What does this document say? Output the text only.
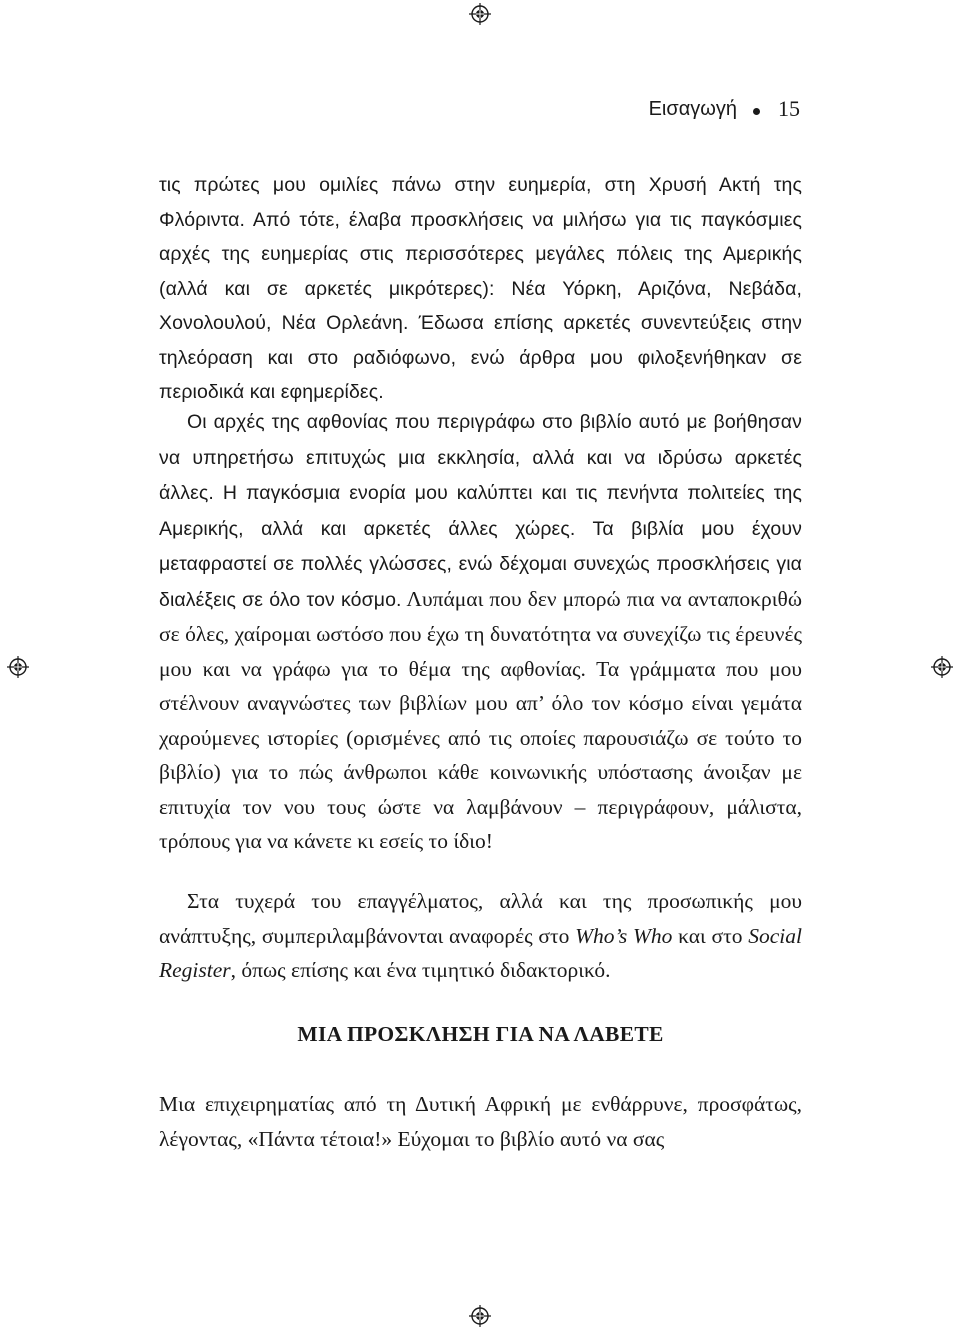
Εισαγωγή 15

τις πρώτες μου ομιλίες πάνω στην ευημερία, στη Χρυσή Ακτή της Φλόριντα. Από τότε, έλαβα προσκλήσεις να μιλήσω για τις παγκόσμιες αρχές της ευημερίας στις περισσότερες μεγάλες πόλεις της Αμερικής (αλλά και σε αρκετές μικρότερες): Νέα Υόρκη, Αριζόνα, Νεβάδα, Χονολουλού, Νέα Ορλεάνη. Έδωσα επίσης αρκετές συνεντεύξεις στην τηλεόραση και στο ραδιόφωνο, ενώ άρθρα μου φιλοξενήθηκαν σε περιοδικά και εφημερίδες.

Οι αρχές της αφθονίας που περιγράφω στο βιβλίο αυτό με βοήθησαν να υπηρετήσω επιτυχώς μια εκκλησία, αλλά και να ιδρύσω αρκετές άλλες. Η παγκόσμια ενορία μου καλύπτει και τις πενήντα πολιτείες της Αμερικής, αλλά και αρκετές άλλες χώρες. Τα βιβλία μου έχουν μεταφραστεί σε πολλές γλώσσες, ενώ δέχομαι συνεχώς προσκλήσεις για διαλέξεις σε όλο τον κόσμο. Λυπάμαι που δεν μπορώ πια να ανταποκριθώ σε όλες, χαίρομαι ωστόσο που έχω τη δυνατότητα να συνεχίζω τις έρευνές μου και να γράφω για το θέμα της αφθονίας. Τα γράμματα που μου στέλνουν αναγνώστες των βιβλίων μου απ’ όλο τον κόσμο είναι γεμάτα χαρούμενες ιστορίες (ορισμένες από τις οποίες παρουσιάζω σε τούτο το βιβλίο) για το πώς άνθρωποι κάθε κοινωνικής υπόστασης άνοιξαν με επιτυχία τον νου τους ώστε να λαμβάνουν – περιγράφουν, μάλιστα, τρόπους για να κάνετε κι εσείς το ίδιο!

Στα τυχερά του επαγγέλματος, αλλά και της προσωπικής μου ανάπτυξης, συμπεριλαμβάνονται αναφορές στο Who’s Who και στο Social Register, όπως επίσης και ένα τιμητικό διδακτορικό.

ΜΙΑ ΠΡΟΣΚΛΗΣΗ ΓΙΑ ΝΑ ΛΑΒΕΤΕ

Μια επιχειρηματίας από τη Δυτική Αφρική με ενθάρρυνε, προσφάτως, λέγοντας, «Πάντα τέτοια!» Εύχομαι το βιβλίο αυτό να σας
